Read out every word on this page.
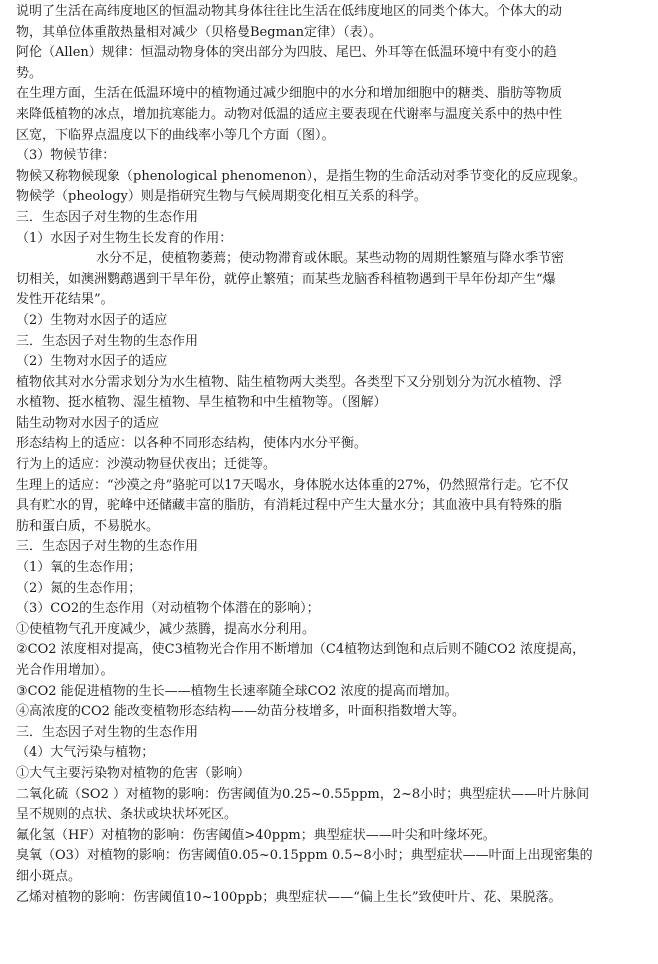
说明了生活在高纬度地区的恒温动物其身体往往比生活在低纬度地区的同类个体大。个体大的动
物，其单位体重散热量相对减少（贝格曼Begman定律）（表）。
阿伦（Allen）规律：恒温动物身体的突出部分为四肢、尾巴、外耳等在低温环境中有变小的趋
势。
在生理方面，生活在低温环境中的植物通过减少细胞中的水分和增加细胞中的糖类、脂肪等物质
来降低植物的冰点，增加抗寒能力。动物对低温的适应主要表现在代谢率与温度关系中的热中性
区宽，下临界点温度以下的曲线率小等几个方面（图）。
（3）物候节律：
物候又称物候现象（phenological phenomenon），是指生物的生命活动对季节变化的反应现象。
物候学（pheology）则是指研究生物与气候周期变化相互关系的科学。
三．生态因子对生物的生态作用
（1）水因子对生物生长发育的作用：
水分不足，使植物萎蔫；使动物滞育或休眠。某些动物的周期性繁殖与降水季节密
切相关，如澳洲鹦鹉遇到干旱年份，就停止繁殖；而某些龙脑香科植物遇到干旱年份却产生“爆
发性开花结果”。
（2）生物对水因子的适应
三．生态因子对生物的生态作用
（2）生物对水因子的适应
植物依其对水分需求划分为水生植物、陆生植物两大类型。各类型下又分别划分为沉水植物、浮
水植物、挺水植物、湿生植物、旱生植物和中生植物等。（图解）
陆生动物对水因子的适应
形态结构上的适应：以各种不同形态结构，使体内水分平衡。
行为上的适应：沙漠动物昼伏夜出；迁徙等。
生理上的适应：“沙漠之舟”骆驼可以17天喝水，身体脱水达体重的27%，仍然照常行走。它不仅
具有贮水的胃，驼峰中还储藏丰富的脂肪，有消耗过程中产生大量水分；其血液中具有特殊的脂
肪和蛋白质，不易脱水。
三．生态因子对生物的生态作用
（1）氧的生态作用；
（2）氮的生态作用；
（3）CO2的生态作用（对动植物个体潜在的影响）；
①使植物气孔开度减少，减少蒸腾，提高水分利用。
②CO2 浓度相对提高，使C3植物光合作用不断增加（C4植物达到饱和点后则不随CO2 浓度提高，
光合作用增加）。
③CO2 能促进植物的生长——植物生长速率随全球CO2 浓度的提高而增加。
④高浓度的CO2 能改变植物形态结构——幼苗分枝增多，叶面积指数增大等。
三．生态因子对生物的生态作用
（4）大气污染与植物；
①大气主要污染物对植物的危害（影响）
二氧化硫（SO2 ）对植物的影响：伤害阈值为0.25~0.55ppm，2~8小时；典型症状——叶片脉间
呈不规则的点状、条状或块状坏死区。
氟化氢（HF）对植物的影响：伤害阈值>40ppm；典型症状——叶尖和叶缘坏死。
臭氧（O3）对植物的影响：伤害阈值0.05~0.15ppm 0.5~8小时；典型症状——叶面上出现密集的
细小斑点。
乙烯对植物的影响：伤害阈值10~100ppb；典型症状——“偏上生长”致使叶片、花、果脱落。
